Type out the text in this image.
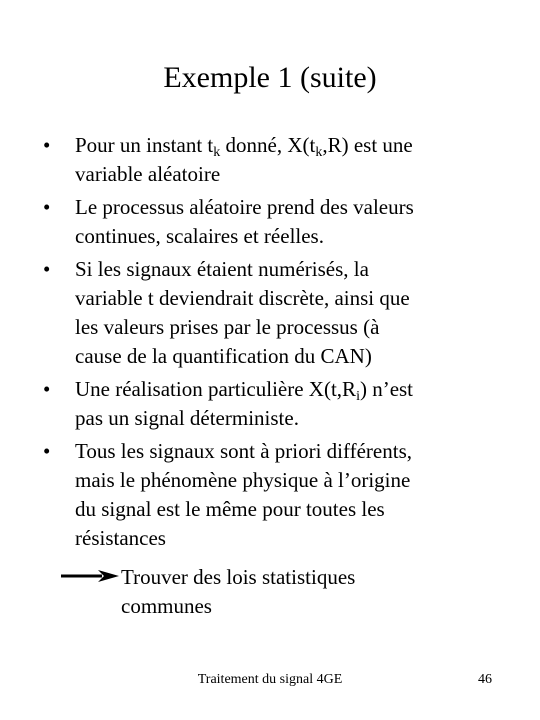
Exemple 1 (suite)
• Pour un instant $t_k$ donné, $X(t_k,R)$ est une
variable aléatoire
• Le processus aléatoire prend des valeurs
continues, scalaires et réelles.
• Si les signaux étaient numérisés, la
variable t deviendrait discrète, ainsi que
les valeurs prises par le processus (à
cause de la quantification du CAN)
• Une réalisation particulière $X(t,R_i)$ n’est
pas un signal déterministe.
• Tous les signaux sont à priori différents,
mais le phénomène physique à l’origine
du signal est le même pour toutes les
résistances
Trouver des lois statistiques
communes
Traitement du signal 4GE	46
